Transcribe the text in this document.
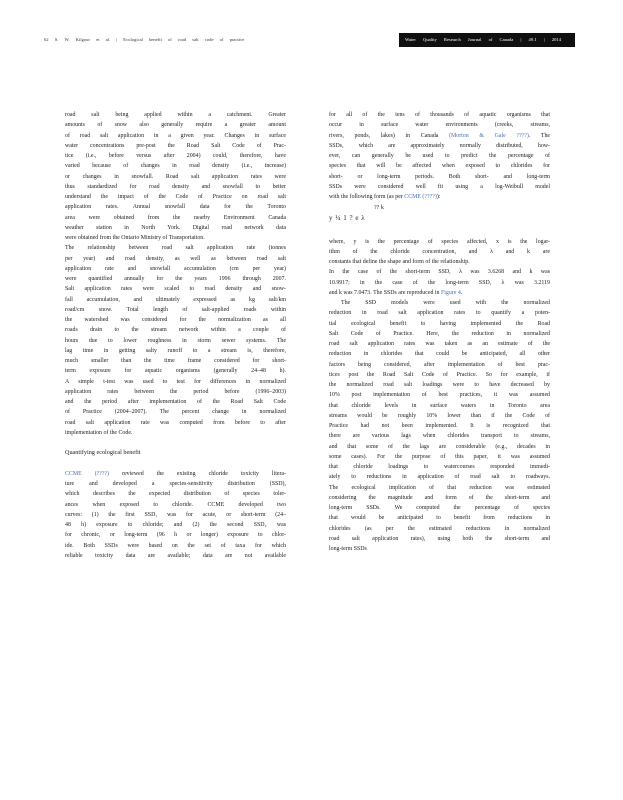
62 S. W. Kilgour et al. | Ecological benefit of road salt code of practice	Water Quality Research Journal of Canada | 49.1 | 2014
road salt being applied within a catchment. Greater
amounts of snow also generally require a greater amount
of road salt application in a given year. Changes in surface
water concentrations pre-post the Road Salt Code of Prac-
tice (i.e., before versus after 2004) could, therefore, have
varied because of changes in road density (i.e., increase)
or changes in snowfall. Road salt application rates were
thus standardized for road density and snowfall to better
understand the impact of the Code of Practice on road salt
application rates. Annual snowfall data for the Toronto
area were obtained from the nearby Environment Canada
weather station in North York. Digital road network data
were obtained from the Ontario Ministry of Transportation.
The relationship between road salt application rate (tonnes
per year) and road density, as well as between road salt
application rate and snowfall accumulation (cm per year)
were quantified annually for the years 1996 through 2007.
Salt application rates were scaled to road density and snow-
fall accumulation, and ultimately expressed as kg salt/km
road/cm snow. Total length of salt-applied roads within
the watershed was considered for the normalization as all
roads drain to the stream network within a couple of
hours due to lower roughness in storm sewer systems. The
lag time in getting salty runoff to a stream is, therefore,
much smaller than the time frame considered for short-
term exposure for aquatic organisms (generally 24–48 h).
A simple t-test was used to test for differences in normalized
application rates between the period before (1996–2003)
and the period after implementation of the Road Salt Code
of Practice (2004–2007). The percent change in normalized
road salt application rate was computed from before to after
implementation of the Code.
Quantifying ecological benefit
CCME (????) reviewed the existing chloride toxicity litera-
ture and developed a species-sensitivity distribution (SSD),
which describes the expected distribution of species toler-
ances when exposed to chloride. CCME developed two
curves: (1) the first SSD₁ was for acute, or short-term (24–
48 h) exposure to chloride; and (2) the second SSD₂ was
for chronic, or long-term (96 h or longer) exposure to chlor-
ide. Both SSDs were based on the set of taxa for which
reliable toxicity data are available; data are not available
for all of the tens of thousands of aquatic organisms that
occur in surface water environments (creeks, streams,
rivers, ponds, lakes) in Canada (Morton & Gale ????). The
SSDs, which are approximately normally distributed, how-
ever, can generally be used to predict the percentage of
species that will be affected when exposed to chlorides for
short- or long-term periods. Both short- and long-term
SSDs were considered well fit using a log-Weibull model
with the following form (as per CCME (????)):
?? k
y ¼ 1 ? e λ
where, y is the percentage of species affected, x is the logar-
ithm of the chloride concentration, and λ and k are
constants that define the shape and form of the relationship.
In the case of the short-term SSD, λ was 3.6268 and k was
10.9917; in the case of the long-term SSD, λ was 3.2119
and k was 7.0473. The SSDs are reproduced in Figure 4.
The SSD models were used with the normalized
reduction in road salt application rates to quantify a poten-
tial ecological benefit to having implemented the Road
Salt Code of Practice. Here, the reduction in normalized
road salt application rates was taken as an estimate of the
reduction in chlorides that could be anticipated, all other
factors being considered, after implementation of best prac-
tices post the Road Salt Code of Practice. So for example, if
the normalized road salt loadings were to have decreased by
10% post implementation of best practices, it was assumed
that chloride levels in surface waters in Toronto area
streams would be roughly 10% lower than if the Code of
Practice had not been implemented. It is recognized that
there are various lags when chlorides transport to streams,
and that some of the lags are considerable (e.g., decades in
some cases). For the purpose of this paper, it was assumed
that chloride loadings to watercourses responded immedi-
ately to reductions in application of road salt to roadways.
The ecological implication of that reduction was estimated
considering the magnitude and form of the short-term and
long-term SSDs. We computed the percentage of species
that would be anticipated to benefit from reductions in
chlorides (as per the estimated reductions in normalized
road salt application rates), using both the short-term and
long-term SSDs
